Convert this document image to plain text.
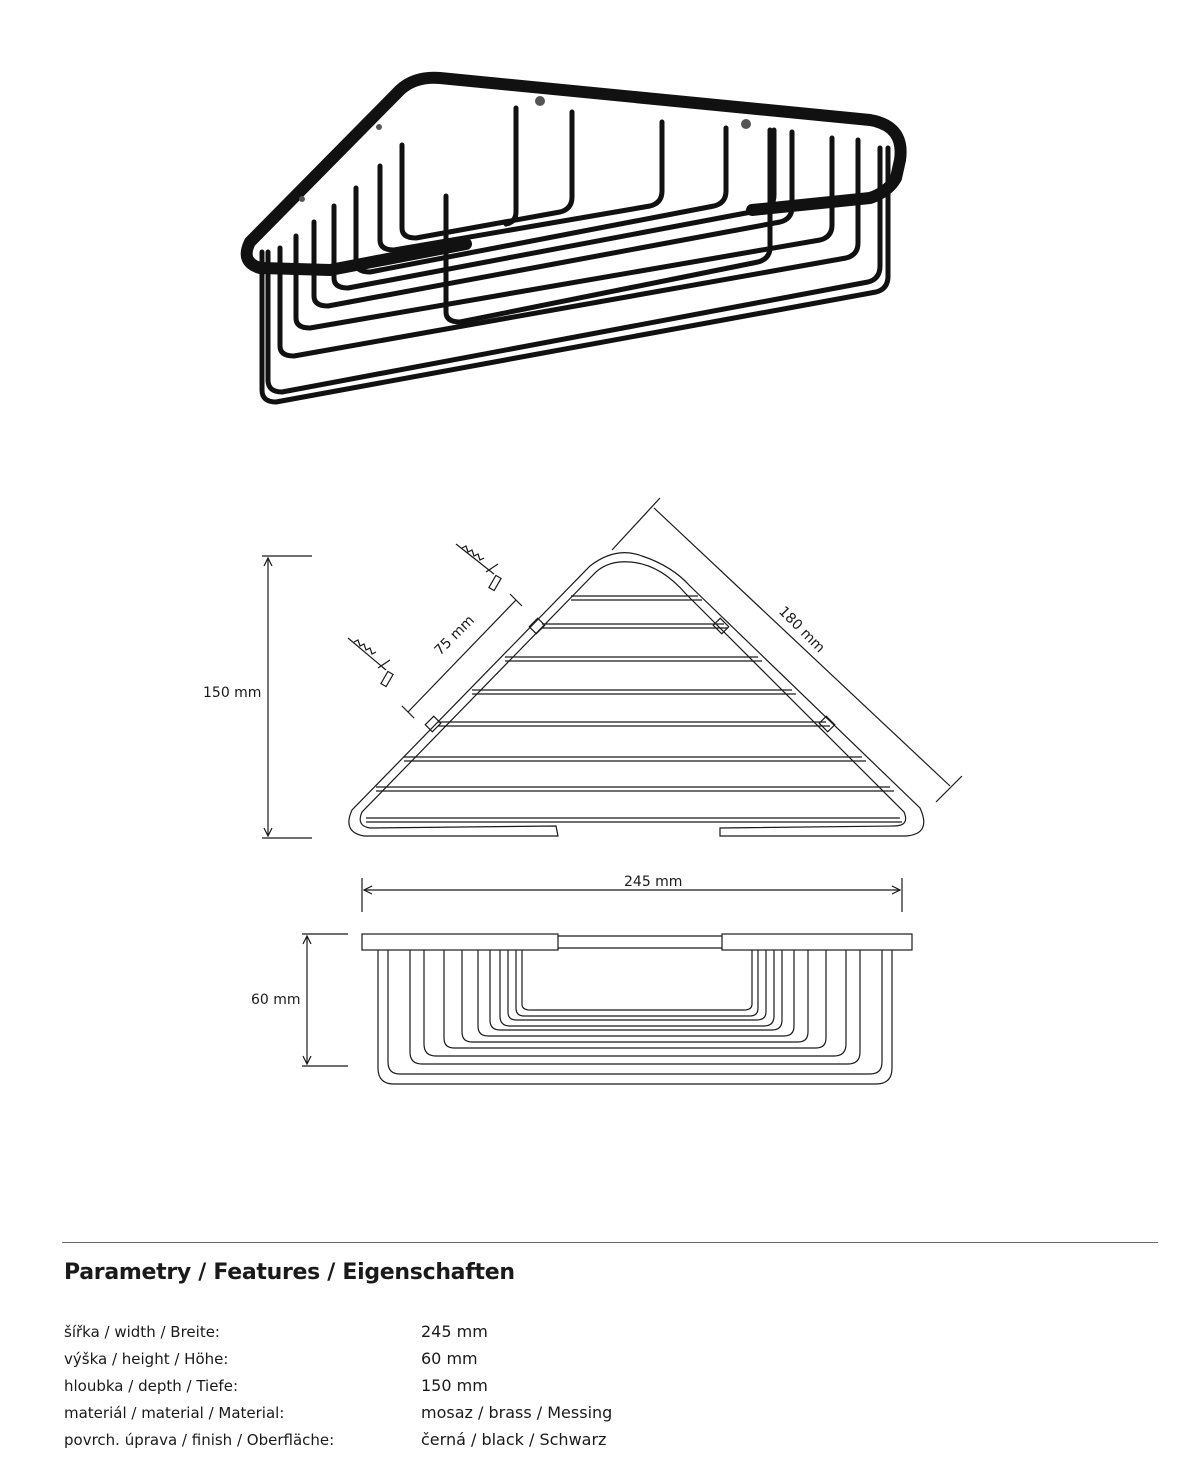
150 mm
180 mm
75 mm
245 mm
60 mm
Parametry / Features / Eigenschaften
šířka / width / Breite:	245 mm
výška / height / Höhe:	60 mm
hloubka / depth / Tiefe:	150 mm
materiál / material / Material:	mosaz / brass / Messing
povrch. úprava / finish / Oberfläche:	černá / black / Schwarz
